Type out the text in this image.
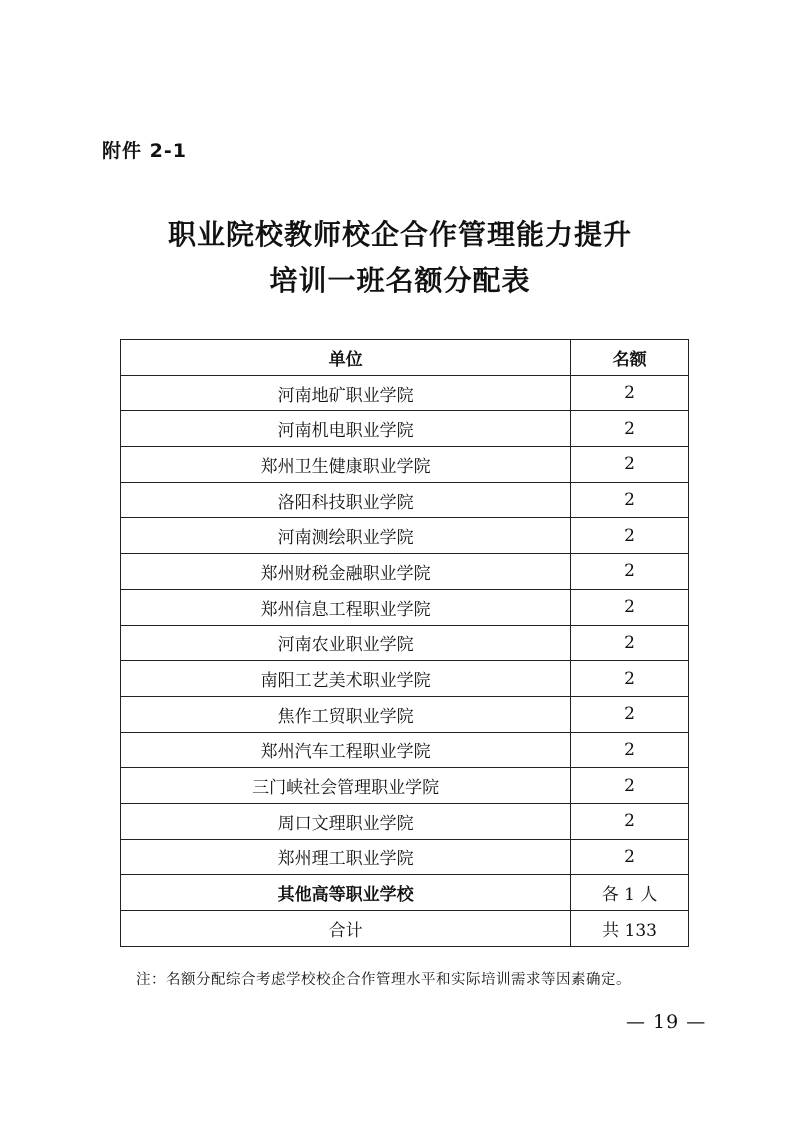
附件 2-1
职业院校教师校企合作管理能力提升
培训一班名额分配表
单位	名额
河南地矿职业学院	2
河南机电职业学院	2
郑州卫生健康职业学院	2
洛阳科技职业学院	2
河南测绘职业学院	2
郑州财税金融职业学院	2
郑州信息工程职业学院	2
河南农业职业学院	2
南阳工艺美术职业学院	2
焦作工贸职业学院	2
郑州汽车工程职业学院	2
三门峡社会管理职业学院	2
周口文理职业学院	2
郑州理工职业学院	2
其他高等职业学校	各 1 人
合计	共 133
注：名额分配综合考虑学校校企合作管理水平和实际培训需求等因素确定。
— 19 —
